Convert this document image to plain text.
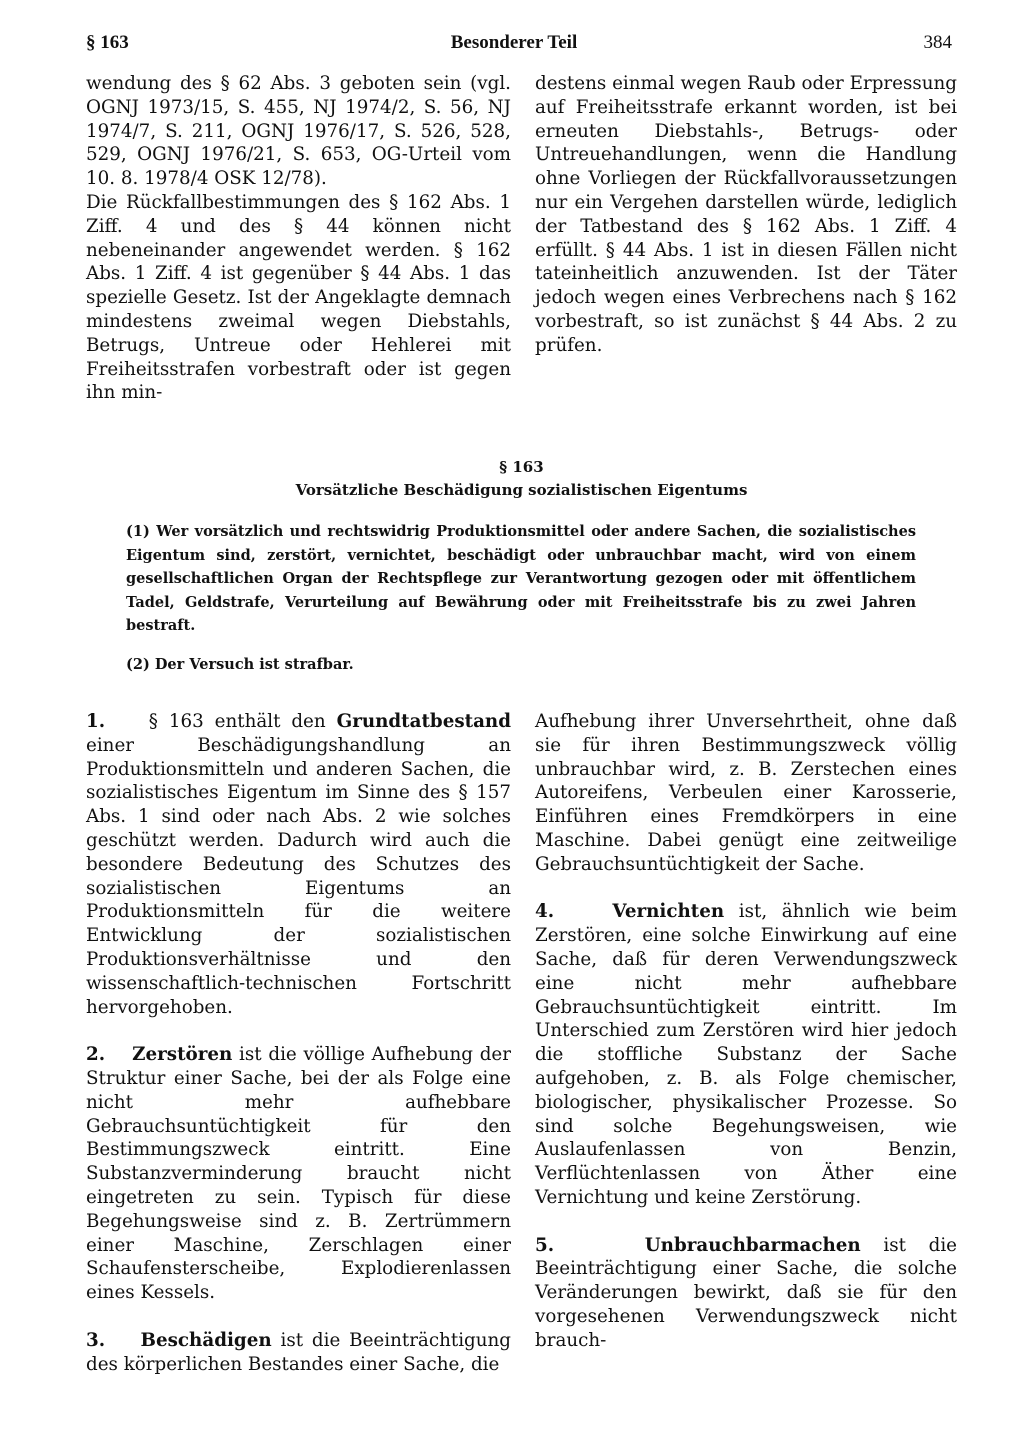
§ 163	Besonderer Teil	384

wendung des § 62 Abs. 3 geboten sein (vgl. OGNJ 1973/15, S. 455, NJ 1974/2, S. 56, NJ 1974/7, S. 211, OGNJ 1976/17, S. 526, 528, 529, OGNJ 1976/21, S. 653, OG-Urteil vom 10. 8. 1978/4 OSK 12/78).

Die Rückfallbestimmungen des § 162 Abs. 1 Ziff. 4 und des § 44 können nicht nebeneinander angewendet werden. § 162 Abs. 1 Ziff. 4 ist gegenüber § 44 Abs. 1 das spezielle Gesetz. Ist der Angeklagte demnach mindestens zweimal wegen Diebstahls, Betrugs, Untreue oder Hehlerei mit Freiheitsstrafen vorbestraft oder ist gegen ihn min-

destens einmal wegen Raub oder Erpressung auf Freiheitsstrafe erkannt worden, ist bei erneuten Diebstahls-, Betrugs- oder Untreuehandlungen, wenn die Handlung ohne Vorliegen der Rückfallvoraussetzungen nur ein Vergehen darstellen würde, lediglich der Tatbestand des § 162 Abs. 1 Ziff. 4 erfüllt. § 44 Abs. 1 ist in diesen Fällen nicht tateinheitlich anzuwenden. Ist der Täter jedoch wegen eines Verbrechens nach § 162 vorbestraft, so ist zunächst § 44 Abs. 2 zu prüfen.

§ 163
Vorsätzliche Beschädigung sozialistischen Eigentums

(1) Wer vorsätzlich und rechtswidrig Produktionsmittel oder andere Sachen, die sozialistisches Eigentum sind, zerstört, vernichtet, beschädigt oder unbrauchbar macht, wird von einem gesellschaftlichen Organ der Rechtspflege zur Verantwortung gezogen oder mit öffentlichem Tadel, Geldstrafe, Verurteilung auf Bewährung oder mit Freiheitsstrafe bis zu zwei Jahren bestraft.

(2) Der Versuch ist strafbar.

1. § 163 enthält den Grundtatbestand einer Beschädigungshandlung an Produktionsmitteln und anderen Sachen, die sozialistisches Eigentum im Sinne des § 157 Abs. 1 sind oder nach Abs. 2 wie solches geschützt werden. Dadurch wird auch die besondere Bedeutung des Schutzes des sozialistischen Eigentums an Produktionsmitteln für die weitere Entwicklung der sozialistischen Produktionsverhältnisse und den wissenschaftlich-technischen Fortschritt hervorgehoben.

2. Zerstören ist die völlige Aufhebung der Struktur einer Sache, bei der als Folge eine nicht mehr aufhebbare Gebrauchsuntüchtigkeit für den Bestimmungszweck eintritt. Eine Substanzverminderung braucht nicht eingetreten zu sein. Typisch für diese Begehungsweise sind z. B. Zertrümmern einer Maschine, Zerschlagen einer Schaufensterscheibe, Explodierenlassen eines Kessels.

3. Beschädigen ist die Beeinträchtigung des körperlichen Bestandes einer Sache, die

Aufhebung ihrer Unversehrtheit, ohne daß sie für ihren Bestimmungszweck völlig unbrauchbar wird, z. B. Zerstechen eines Autoreifens, Verbeulen einer Karosserie, Einführen eines Fremdkörpers in eine Maschine. Dabei genügt eine zeitweilige Gebrauchsuntüchtigkeit der Sache.

4.	Vernichten ist, ähnlich wie beim Zerstören, eine solche Einwirkung auf eine Sache, daß für deren Verwendungszweck eine nicht mehr aufhebbare Gebrauchsuntüchtigkeit eintritt. Im Unterschied zum Zerstören wird hier jedoch die stoffliche Substanz der Sache aufgehoben, z. B. als Folge chemischer, biologischer, physikalischer Prozesse. So sind solche Begehungsweisen, wie Auslaufenlassen von Benzin, Verflüchtenlassen von Äther eine Vernichtung und keine Zerstörung.

5.	Unbrauchbarmachen ist die Beeinträchtigung einer Sache, die solche Veränderungen bewirkt, daß sie für den vorgesehenen Verwendungszweck nicht brauch-
